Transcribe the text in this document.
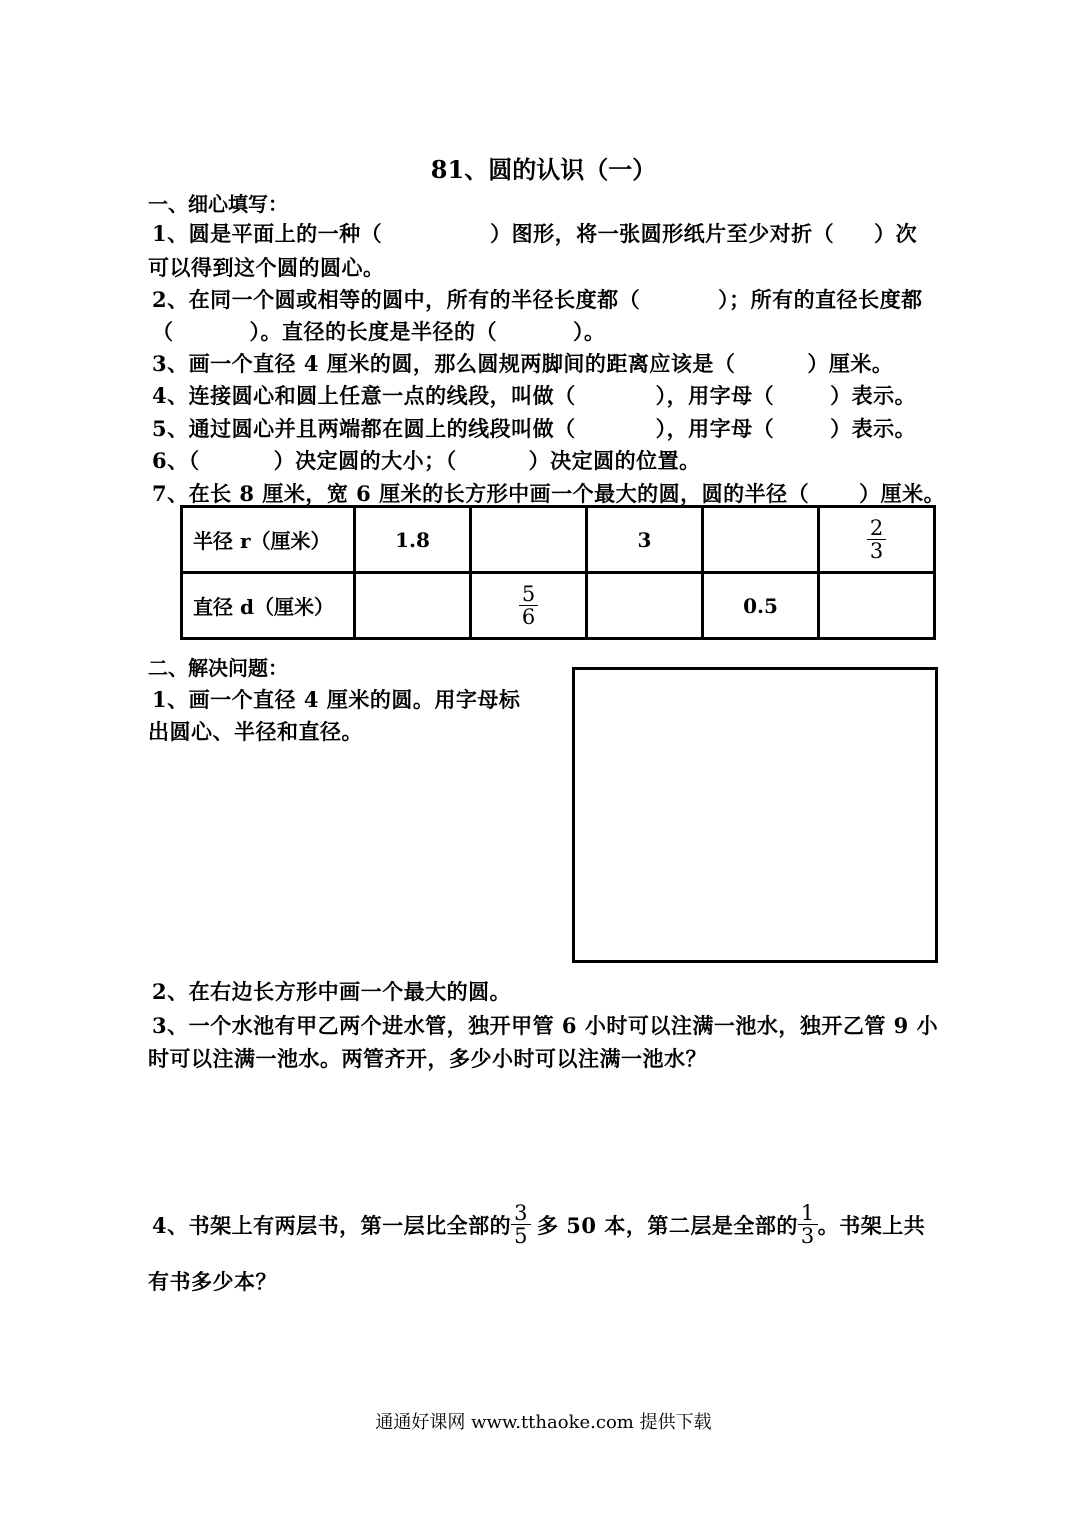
81、圆的认识（一）
一、细心填写：
1、圆是平面上的一种（	）图形，将一张圆形纸片至少对折（ ）次
可以得到这个圆的圆心。
2、在同一个圆或相等的圆中，所有的半径长度都（	）；所有的直径长度都
（	）。直径的长度是半径的（	）。
3、画一个直径 4 厘米的圆，那么圆规两脚间的距离应该是（	）厘米。
4、连接圆心和圆上任意一点的线段，叫做（	），用字母（	）表示。
5、通过圆心并且两端都在圆上的线段叫做（	），用字母（	）表示。
6、（	）决定圆的大小；（	）决定圆的位置。
7、在长 8 厘米，宽 6 厘米的长方形中画一个最大的圆，圆的半径（ ）厘米。
半径 r（厘米）	1.8		3		$\frac{2}{3}$

直径 d（厘米）		$\frac{5}{6}$		0.5	
二、解决问题：
1、画一个直径 4 厘米的圆。用字母标
出圆心、半径和直径。
2、在右边长方形中画一个最大的圆。
3、一个水池有甲乙两个进水管，独开甲管 6 小时可以注满一池水，独开乙管 9 小
时可以注满一池水。两管齐开，多少小时可以注满一池水？
4、书架上有两层书，第一层比全部的 $\frac{3}{5}$ 多 50 本，第二层是全部的 $\frac{1}{3}$ 。书架上共
有书多少本？
通通好课网 www.tthaoke.com 提供下载
